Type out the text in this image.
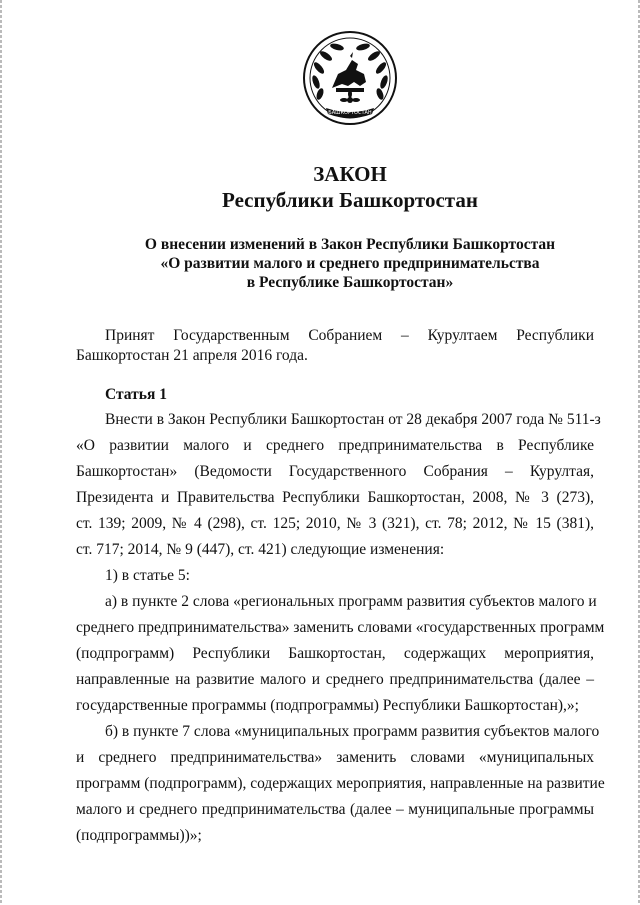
БАШКОРТОСТАН
ЗАКОН
Республики Башкортостан
О внесении изменений в Закон Республики Башкортостан
«О развитии малого и среднего предпринимательства
в Республике Башкортостан»
Принят Государственным Собранием – Курултаем Республики
Башкортостан 21 апреля 2016 года.
Статья 1
Внести в Закон Республики Башкортостан от 28 декабря 2007 года № 511-з
«О развитии малого и среднего предпринимательства в Республике
Башкортостан» (Ведомости Государственного Собрания – Курултая,
Президента и Правительства Республики Башкортостан, 2008, № 3 (273),
ст. 139; 2009, № 4 (298), ст. 125; 2010, № 3 (321), ст. 78; 2012, № 15 (381),
ст. 717; 2014, № 9 (447), ст. 421) следующие изменения:
1) в статье 5:
а) в пункте 2 слова «региональных программ развития субъектов малого и
среднего предпринимательства» заменить словами «государственных программ
(подпрограмм) Республики Башкортостан, содержащих мероприятия,
направленные на развитие малого и среднего предпринимательства (далее –
государственные программы (подпрограммы) Республики Башкортостан),»;
б) в пункте 7 слова «муниципальных программ развития субъектов малого
и среднего предпринимательства» заменить словами «муниципальных
программ (подпрограмм), содержащих мероприятия, направленные на развитие
малого и среднего предпринимательства (далее – муниципальные программы
(подпрограммы))»;
